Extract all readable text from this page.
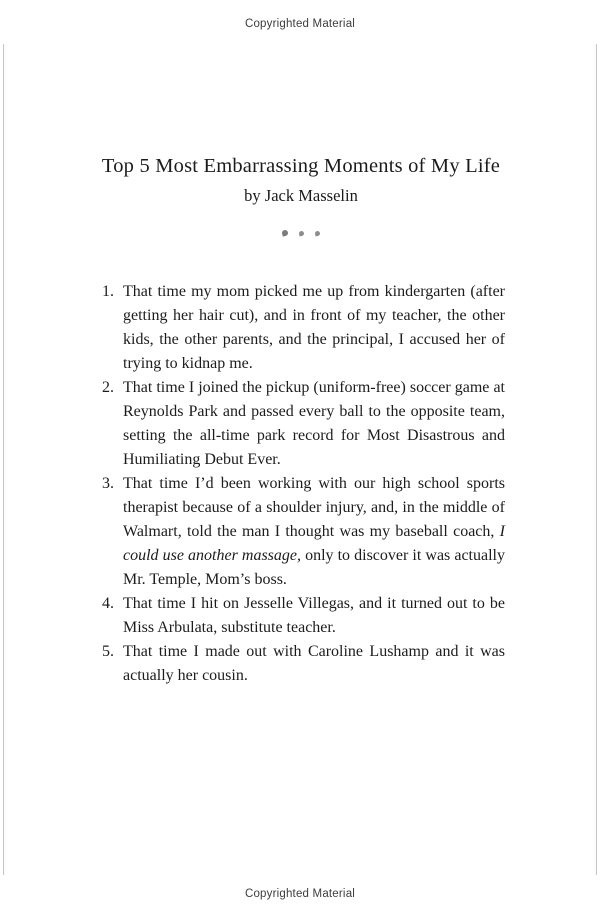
Copyrighted Material
Top 5 Most Embarrassing Moments of My Life
by Jack Masselin
1. That time my mom picked me up from kindergarten (after getting her hair cut), and in front of my teacher, the other kids, the other parents, and the principal, I accused her of trying to kidnap me.
2. That time I joined the pickup (uniform-free) soccer game at Reynolds Park and passed every ball to the opposite team, setting the all-time park record for Most Disastrous and Humiliating Debut Ever.
3. That time I’d been working with our high school sports therapist because of a shoulder injury, and, in the middle of Walmart, told the man I thought was my baseball coach, I could use another massage, only to discover it was actually Mr. Temple, Mom’s boss.
4. That time I hit on Jesselle Villegas, and it turned out to be Miss Arbulata, substitute teacher.
5. That time I made out with Caroline Lushamp and it was actually her cousin.
Copyrighted Material
